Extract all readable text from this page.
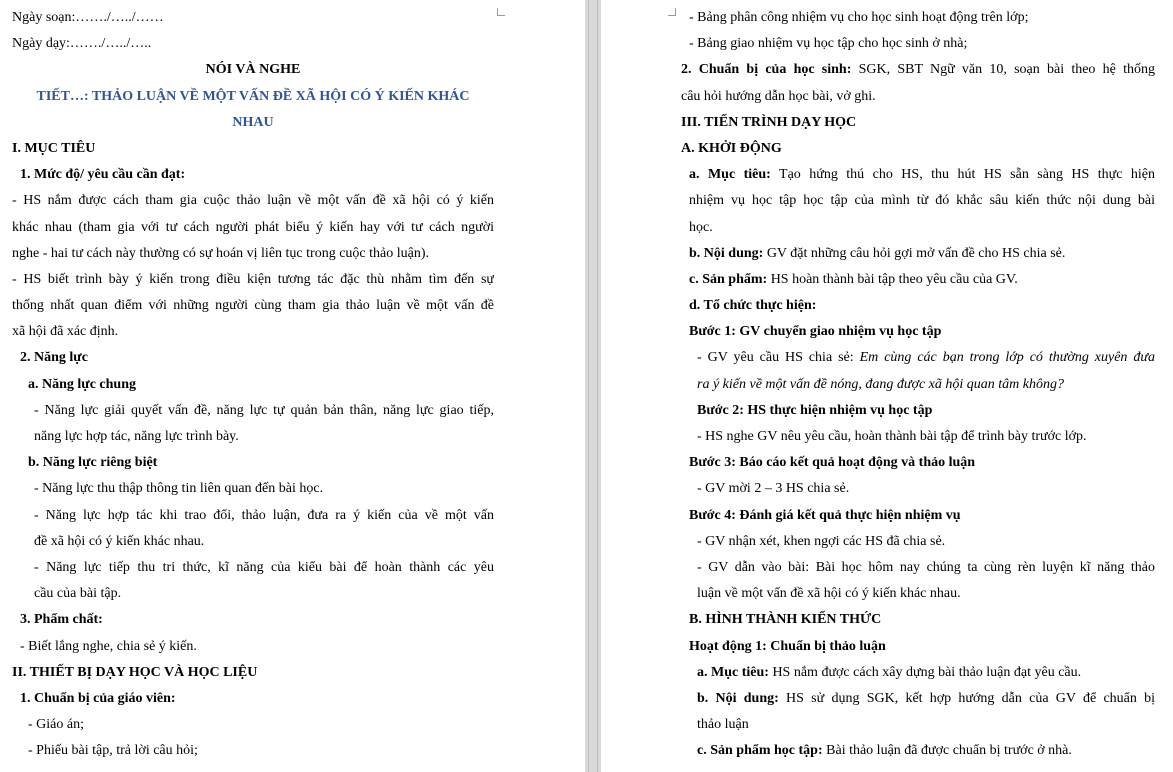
Ngày soạn:……./…../……
Ngày dạy:……./…../…..
NÓI VÀ NGHE
TIẾT…: THẢO LUẬN VỀ MỘT VẤN ĐỀ XÃ HỘI CÓ Ý KIẾN KHÁC
NHAU
I. MỤC TIÊU
1. Mức độ/ yêu cầu cần đạt:
- HS nắm được cách tham gia cuộc thảo luận về một vấn đề xã hội có ý kiến
khác nhau (tham gia với tư cách người phát biểu ý kiến hay với tư cách người
nghe - hai tư cách này thường có sự hoán vị liên tục trong cuộc thảo luận).
- HS biết trình bày ý kiến trong điều kiện tương tác đặc thù nhằm tìm đến sự
thống nhất quan điểm với những người cùng tham gia thảo luận về một vấn đề
xã hội đã xác định.
2. Năng lực
a. Năng lực chung
- Năng lực giải quyết vấn đề, năng lực tự quản bản thân, năng lực giao tiếp,
năng lực hợp tác, năng lực trình bày.
b. Năng lực riêng biệt
- Năng lực thu thập thông tin liên quan đến bài học.
- Năng lực hợp tác khi trao đổi, thảo luận, đưa ra ý kiến của về một vấn
đề xã hội có ý kiến khác nhau.
- Năng lực tiếp thu tri thức, kĩ năng của kiểu bài để hoàn thành các yêu
cầu của bài tập.
3. Phẩm chất:
- Biết lắng nghe, chia sẻ ý kiến.
II. THIẾT BỊ DẠY HỌC VÀ HỌC LIỆU
1. Chuẩn bị của giáo viên:
- Giáo án;
- Phiếu bài tập, trả lời câu hỏi;
- Bảng phân công nhiệm vụ cho học sinh hoạt động trên lớp;
- Bảng giao nhiệm vụ học tập cho học sinh ở nhà;
2. Chuẩn bị của học sinh: SGK, SBT Ngữ văn 10, soạn bài theo hệ thống
câu hỏi hướng dẫn học bài, vở ghi.
III. TIẾN TRÌNH DẠY HỌC
A. KHỞI ĐỘNG
a. Mục tiêu: Tạo hứng thú cho HS, thu hút HS sẵn sàng HS thực hiện
nhiệm vụ học tập học tập của mình từ đó khắc sâu kiến thức nội dung bài
học.
b. Nội dung: GV đặt những câu hỏi gợi mở vấn đề cho HS chia sẻ.
c. Sản phẩm: HS hoàn thành bài tập theo yêu cầu của GV.
d. Tổ chức thực hiện:
Bước 1: GV chuyển giao nhiệm vụ học tập
- GV yêu cầu HS chia sẻ: Em cùng các bạn trong lớp có thường xuyên đưa
ra ý kiến về một vấn đề nóng, đang được xã hội quan tâm không?
Bước 2: HS thực hiện nhiệm vụ học tập
- HS nghe GV nêu yêu cầu, hoàn thành bài tập để trình bày trước lớp.
Bước 3: Báo cáo kết quả hoạt động và thảo luận
- GV mời 2 – 3 HS chia sẻ.
Bước 4: Đánh giá kết quả thực hiện nhiệm vụ
- GV nhận xét, khen ngợi các HS đã chia sẻ.
- GV dẫn vào bài: Bài học hôm nay chúng ta cùng rèn luyện kĩ năng thảo
luận về một vấn đề xã hội có ý kiến khác nhau.
B. HÌNH THÀNH KIẾN THỨC
Hoạt động 1: Chuẩn bị thảo luận
a. Mục tiêu: HS nắm được cách xây dựng bài thảo luận đạt yêu cầu.
b. Nội dung: HS sử dụng SGK, kết hợp hướng dẫn của GV để chuẩn bị
thảo luận
c. Sản phẩm học tập: Bài thảo luận đã được chuẩn bị trước ở nhà.
